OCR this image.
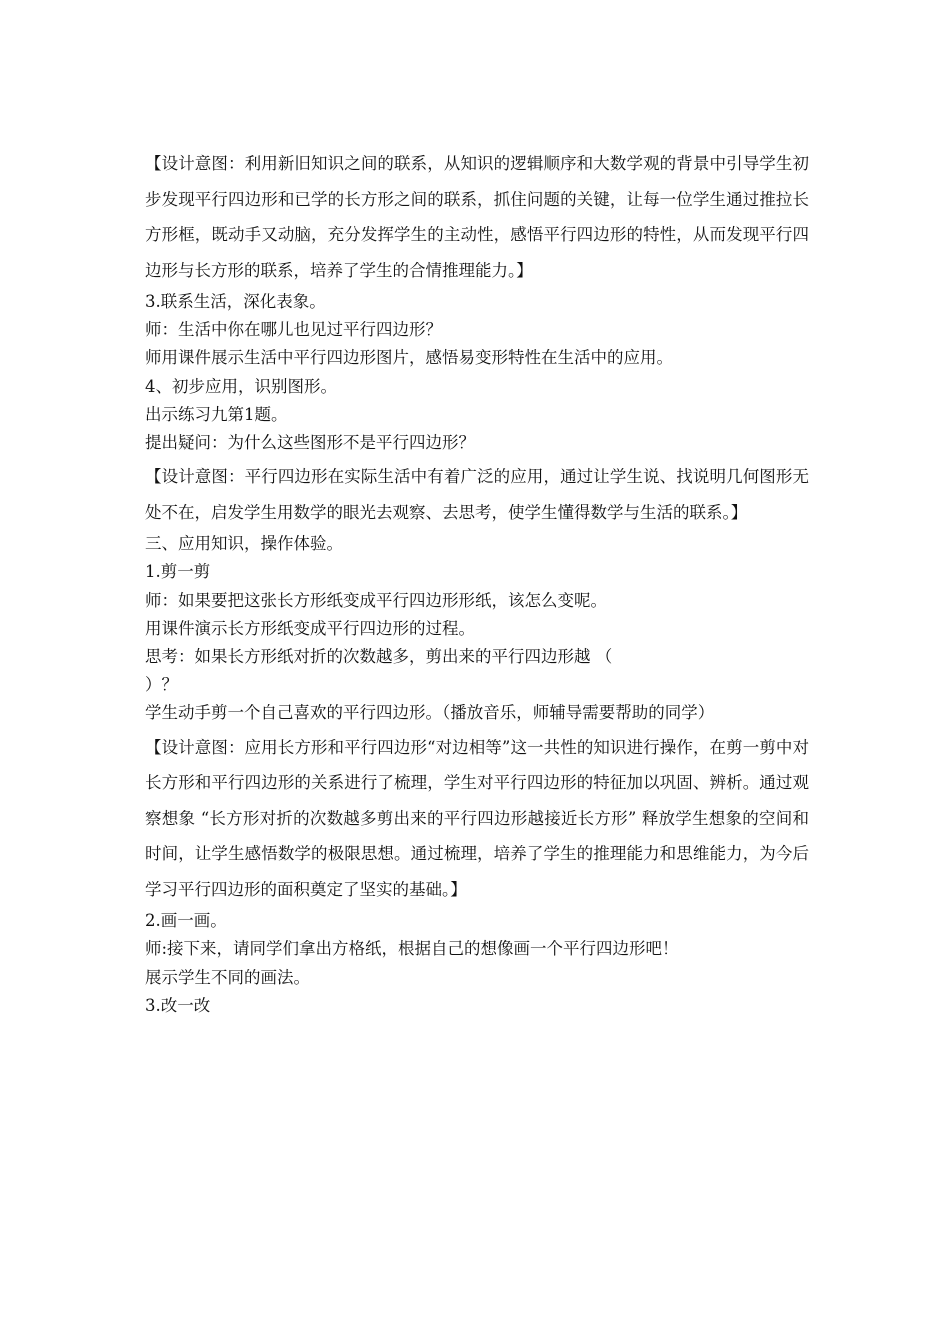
【设计意图：利用新旧知识之间的联系，从知识的逻辑顺序和大数学观的背景中引导学生初步发现平行四边形和已学的长方形之间的联系，抓住问题的关键，让每一位学生通过推拉长方形框，既动手又动脑，充分发挥学生的主动性，感悟平行四边形的特性，从而发现平行四边形与长方形的联系，培养了学生的合情推理能力。】

3.联系生活，深化表象。

师：生活中你在哪儿也见过平行四边形？

师用课件展示生活中平行四边形图片，感悟易变形特性在生活中的应用。

4、初步应用，识别图形。

出示练习九第1题。

提出疑问：为什么这些图形不是平行四边形？

【设计意图：平行四边形在实际生活中有着广泛的应用，通过让学生说、找说明几何图形无处不在，启发学生用数学的眼光去观察、去思考，使学生懂得数学与生活的联系。】

三、应用知识，操作体验。

1.剪一剪

师：如果要把这张长方形纸变成平行四边形形纸，该怎么变呢。

用课件演示长方形纸变成平行四边形的过程。

思考：如果长方形纸对折的次数越多，剪出来的平行四边形越 （

）？

学生动手剪一个自己喜欢的平行四边形。（播放音乐，师辅导需要帮助的同学）

【设计意图：应用长方形和平行四边形“对边相等”这一共性的知识进行操作，在剪一剪中对长方形和平行四边形的关系进行了梳理，学生对平行四边形的特征加以巩固、辨析。通过观察想象 “长方形对折的次数越多剪出来的平行四边形越接近长方形” 释放学生想象的空间和时间，让学生感悟数学的极限思想。通过梳理，培养了学生的推理能力和思维能力，为今后学习平行四边形的面积奠定了坚实的基础。】

2.画一画。

师:接下来，请同学们拿出方格纸，根据自己的想像画一个平行四边形吧！

展示学生不同的画法。

3.改一改
